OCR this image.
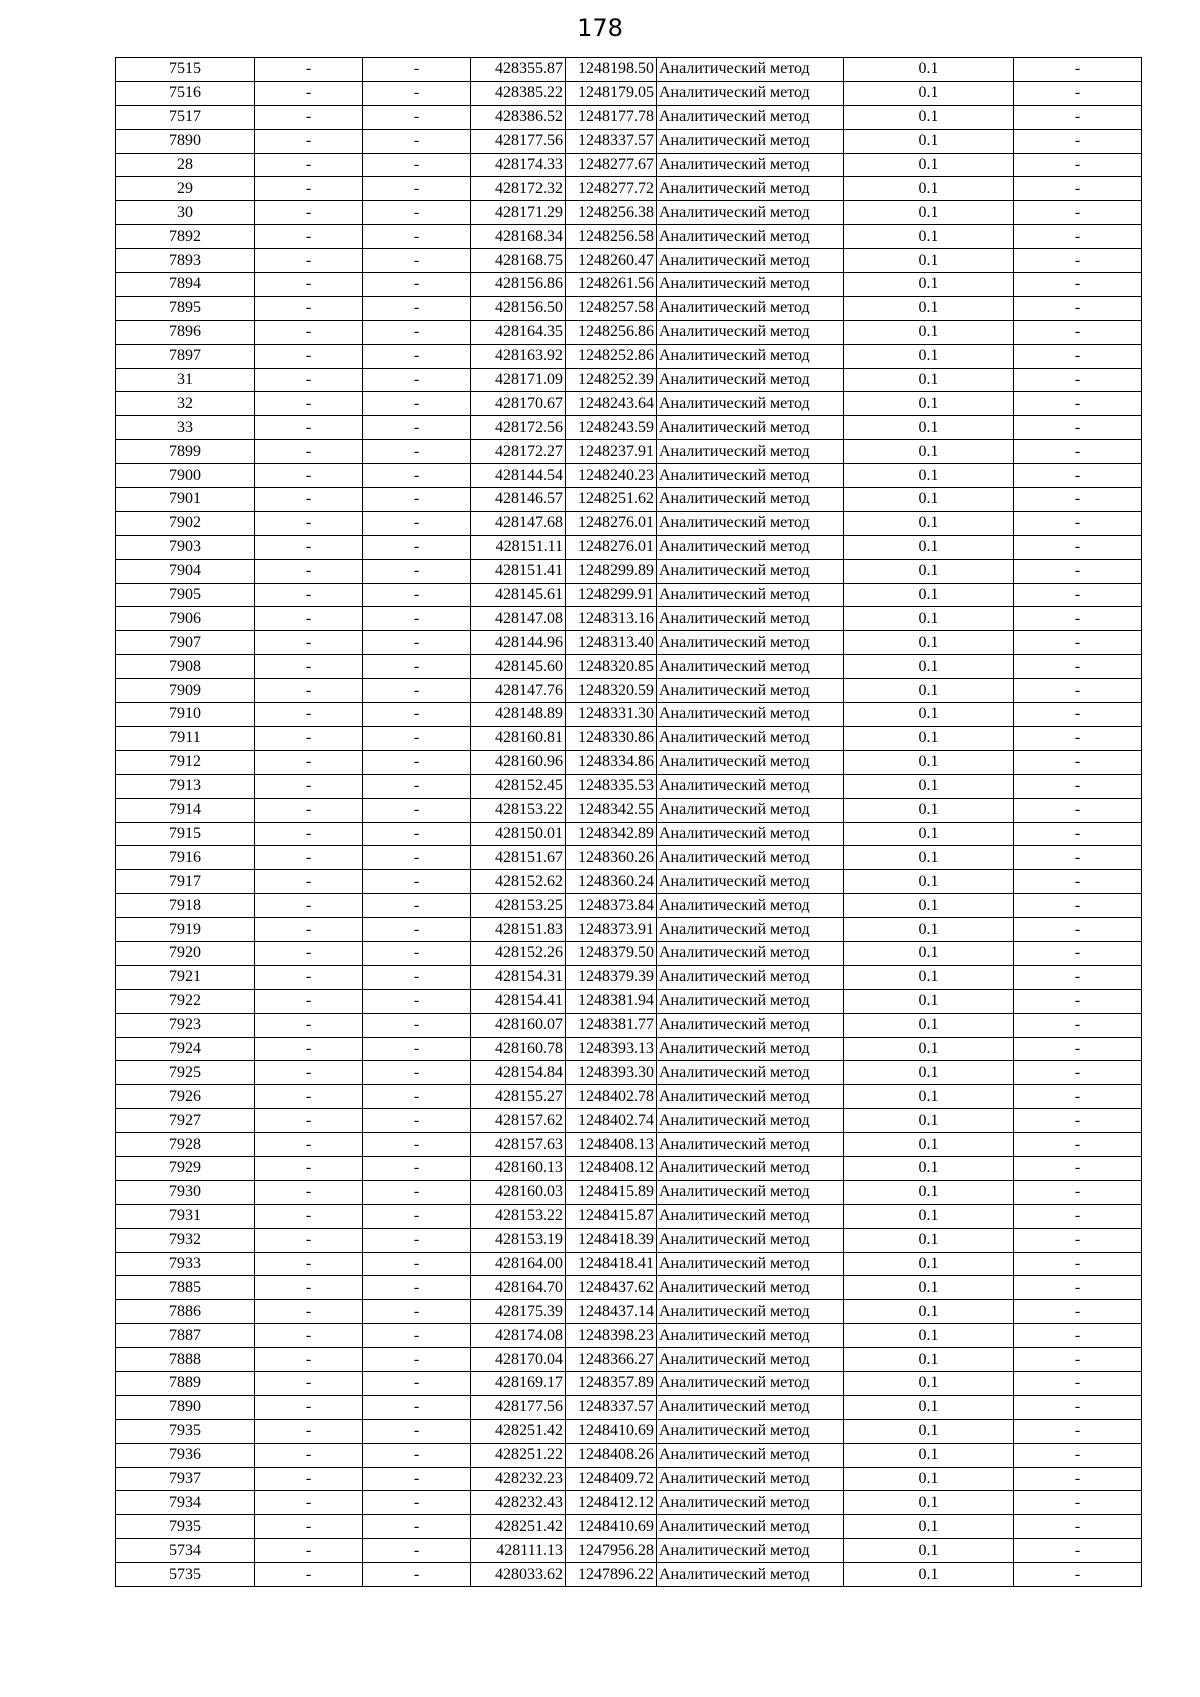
178
7515	-	-	428355.87	1248198.50	Аналитический метод	0.1	-
7516	-	-	428385.22	1248179.05	Аналитический метод	0.1	-
7517	-	-	428386.52	1248177.78	Аналитический метод	0.1	-
7890	-	-	428177.56	1248337.57	Аналитический метод	0.1	-
28	-	-	428174.33	1248277.67	Аналитический метод	0.1	-
29	-	-	428172.32	1248277.72	Аналитический метод	0.1	-
30	-	-	428171.29	1248256.38	Аналитический метод	0.1	-
7892	-	-	428168.34	1248256.58	Аналитический метод	0.1	-
7893	-	-	428168.75	1248260.47	Аналитический метод	0.1	-
7894	-	-	428156.86	1248261.56	Аналитический метод	0.1	-
7895	-	-	428156.50	1248257.58	Аналитический метод	0.1	-
7896	-	-	428164.35	1248256.86	Аналитический метод	0.1	-
7897	-	-	428163.92	1248252.86	Аналитический метод	0.1	-
31	-	-	428171.09	1248252.39	Аналитический метод	0.1	-
32	-	-	428170.67	1248243.64	Аналитический метод	0.1	-
33	-	-	428172.56	1248243.59	Аналитический метод	0.1	-
7899	-	-	428172.27	1248237.91	Аналитический метод	0.1	-
7900	-	-	428144.54	1248240.23	Аналитический метод	0.1	-
7901	-	-	428146.57	1248251.62	Аналитический метод	0.1	-
7902	-	-	428147.68	1248276.01	Аналитический метод	0.1	-
7903	-	-	428151.11	1248276.01	Аналитический метод	0.1	-
7904	-	-	428151.41	1248299.89	Аналитический метод	0.1	-
7905	-	-	428145.61	1248299.91	Аналитический метод	0.1	-
7906	-	-	428147.08	1248313.16	Аналитический метод	0.1	-
7907	-	-	428144.96	1248313.40	Аналитический метод	0.1	-
7908	-	-	428145.60	1248320.85	Аналитический метод	0.1	-
7909	-	-	428147.76	1248320.59	Аналитический метод	0.1	-
7910	-	-	428148.89	1248331.30	Аналитический метод	0.1	-
7911	-	-	428160.81	1248330.86	Аналитический метод	0.1	-
7912	-	-	428160.96	1248334.86	Аналитический метод	0.1	-
7913	-	-	428152.45	1248335.53	Аналитический метод	0.1	-
7914	-	-	428153.22	1248342.55	Аналитический метод	0.1	-
7915	-	-	428150.01	1248342.89	Аналитический метод	0.1	-
7916	-	-	428151.67	1248360.26	Аналитический метод	0.1	-
7917	-	-	428152.62	1248360.24	Аналитический метод	0.1	-
7918	-	-	428153.25	1248373.84	Аналитический метод	0.1	-
7919	-	-	428151.83	1248373.91	Аналитический метод	0.1	-
7920	-	-	428152.26	1248379.50	Аналитический метод	0.1	-
7921	-	-	428154.31	1248379.39	Аналитический метод	0.1	-
7922	-	-	428154.41	1248381.94	Аналитический метод	0.1	-
7923	-	-	428160.07	1248381.77	Аналитический метод	0.1	-
7924	-	-	428160.78	1248393.13	Аналитический метод	0.1	-
7925	-	-	428154.84	1248393.30	Аналитический метод	0.1	-
7926	-	-	428155.27	1248402.78	Аналитический метод	0.1	-
7927	-	-	428157.62	1248402.74	Аналитический метод	0.1	-
7928	-	-	428157.63	1248408.13	Аналитический метод	0.1	-
7929	-	-	428160.13	1248408.12	Аналитический метод	0.1	-
7930	-	-	428160.03	1248415.89	Аналитический метод	0.1	-
7931	-	-	428153.22	1248415.87	Аналитический метод	0.1	-
7932	-	-	428153.19	1248418.39	Аналитический метод	0.1	-
7933	-	-	428164.00	1248418.41	Аналитический метод	0.1	-
7885	-	-	428164.70	1248437.62	Аналитический метод	0.1	-
7886	-	-	428175.39	1248437.14	Аналитический метод	0.1	-
7887	-	-	428174.08	1248398.23	Аналитический метод	0.1	-
7888	-	-	428170.04	1248366.27	Аналитический метод	0.1	-
7889	-	-	428169.17	1248357.89	Аналитический метод	0.1	-
7890	-	-	428177.56	1248337.57	Аналитический метод	0.1	-
7935	-	-	428251.42	1248410.69	Аналитический метод	0.1	-
7936	-	-	428251.22	1248408.26	Аналитический метод	0.1	-
7937	-	-	428232.23	1248409.72	Аналитический метод	0.1	-
7934	-	-	428232.43	1248412.12	Аналитический метод	0.1	-
7935	-	-	428251.42	1248410.69	Аналитический метод	0.1	-
5734	-	-	428111.13	1247956.28	Аналитический метод	0.1	-
5735	-	-	428033.62	1247896.22	Аналитический метод	0.1	-
